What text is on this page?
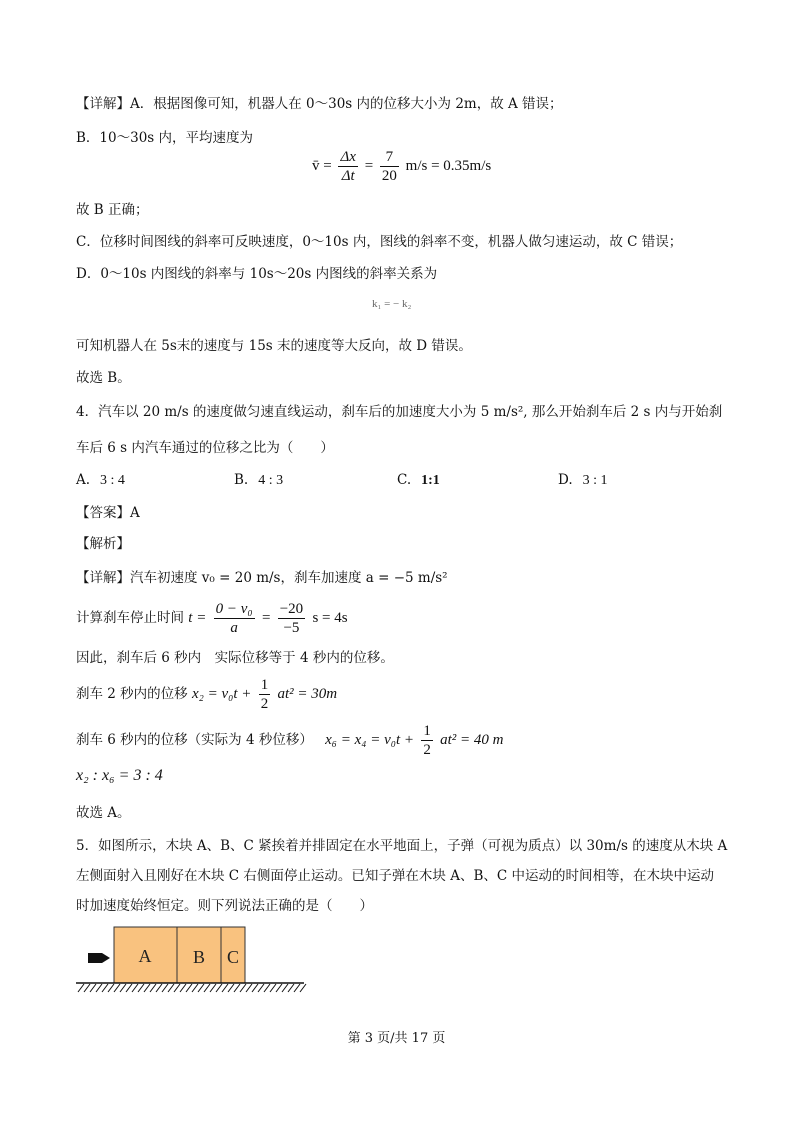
【详解】A．根据图像可知，机器人在 0～30s 内的位移大小为 2m，故 A 错误；
B．10～30s 内，平均速度为
v̄ = $\frac{\Delta x}{\Delta t} = \frac{7}{20} m/s = 0.35m/s$
故 B 正确；
C．位移时间图线的斜率可反映速度，0～10s 内，图线的斜率不变，机器人做匀速运动，故 C 错误；
D．0～10s 内图线的斜率与 10s～20s 内图线的斜率关系为
k₁ = − k₂
可知机器人在 5s末的速度与 15s 末的速度等大反向，故 D 错误。
故选 B。
4．汽车以 20 m/s 的速度做匀速直线运动，刹车后的加速度大小为 5 m/s², 那么开始刹车后 2 s 内与开始刹
车后 6 s 内汽车通过的位移之比为（　　）
A. 3 : 4	B. 4 : 3	C. 1:1	D. 3 : 1
【答案】A
【解析】
【详解】汽车初速度 v₀ = 20 m/s，刹车加速度 a = −5 m/s²
计算刹车停止时间 $t = \frac{\text{0 − v₀}}{a} = \frac{-20}{-5}$ s = 4s
因此，刹车后 6 秒内　实际位移等于 4 秒内的位移。
刹车 2 秒内的位移 $x_2 = v_0t + \frac{1}{2} at^2 = 30m$
刹车 6 秒内的位移（实际为 4 秒位移） $x_6 = x_4 = v_0t + \frac{1}{2} at^2 = 40$ m
x₂ : x₆ = 3 : 4
故选 A。
5．如图所示，木块 A、B、C 紧挨着并排固定在水平地面上，子弹（可视为质点）以 30m/s 的速度从木块 A
左侧面射入且刚好在木块 C 右侧面停止运动。已知子弹在木块 A、B、C 中运动的时间相等，在木块中运动
时加速度始终恒定。则下列说法正确的是（　　）
A B C
第 3 页/共 17 页
